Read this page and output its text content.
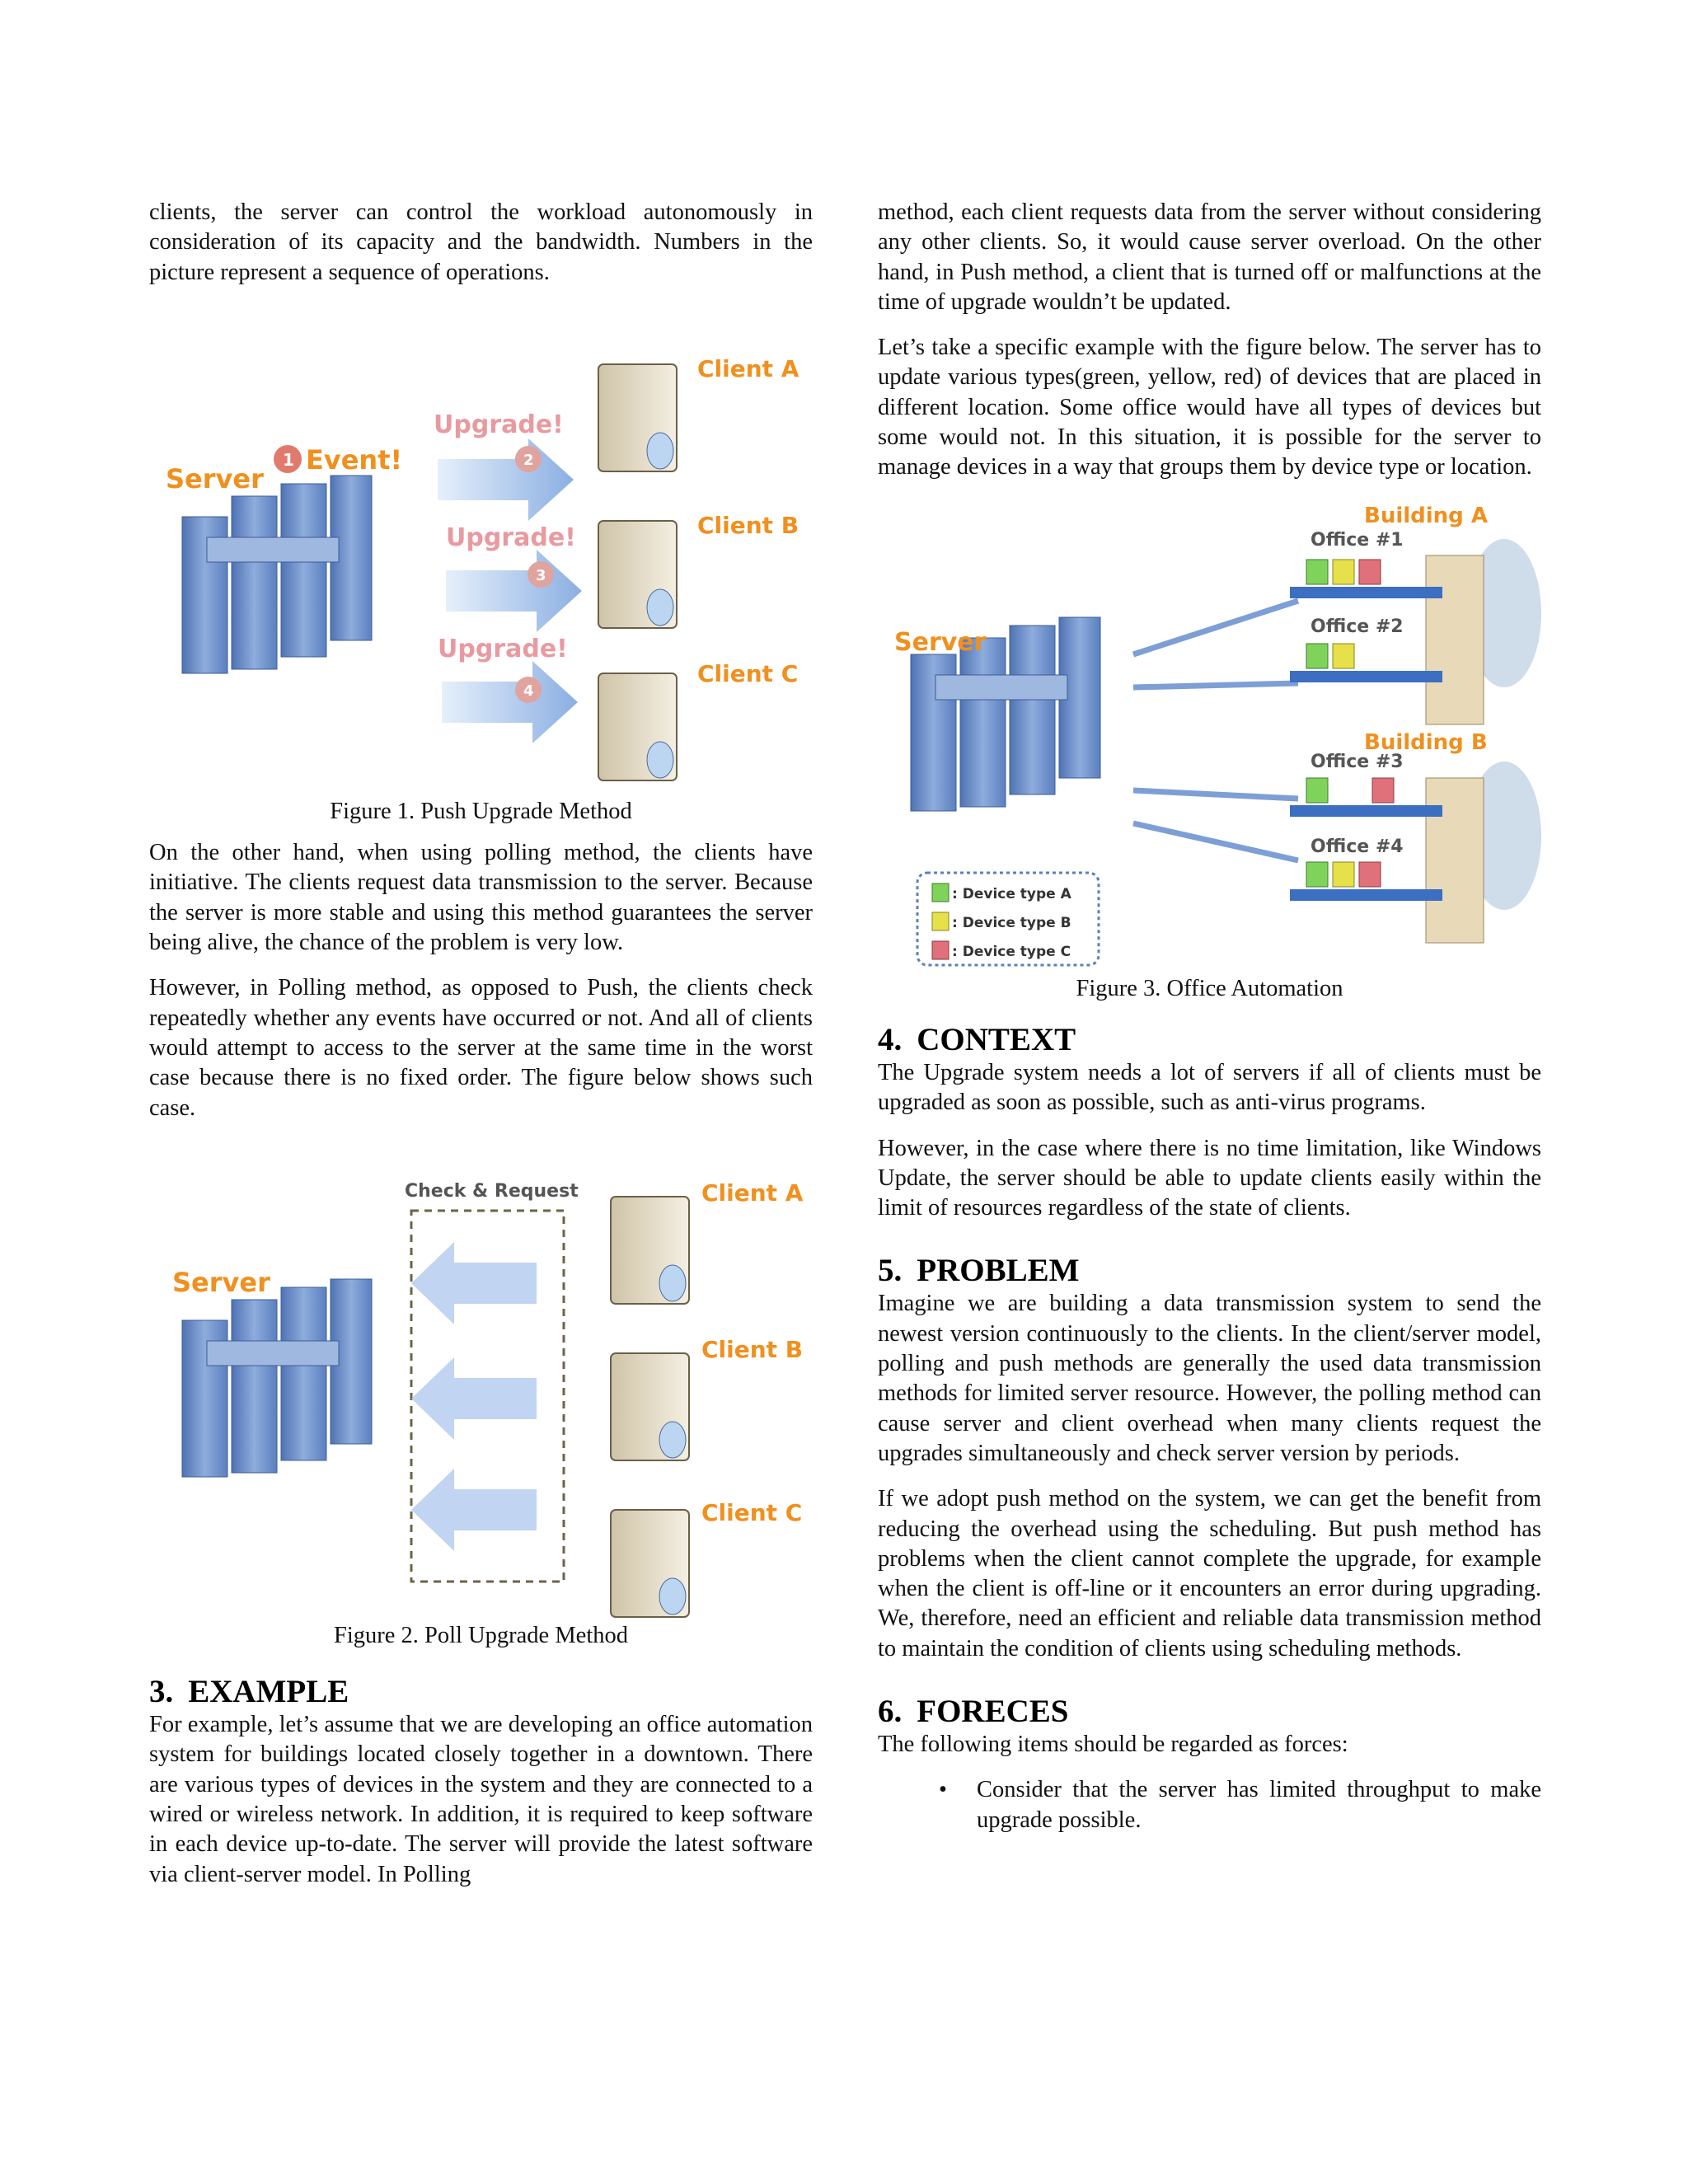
clients, the server can control the workload autonomously in consideration of its capacity and the bandwidth. Numbers in the picture represent a sequence of operations.

Server
1 Event!
Upgrade!
Upgrade!
Upgrade!
2
3
4
Client A
Client B
Client C
Figure 1. Push Upgrade Method

On the other hand, when using polling method, the clients have initiative. The clients request data transmission to the server. Because the server is more stable and using this method guarantees the server being alive, the chance of the problem is very low.

However, in Polling method, as opposed to Push, the clients check repeatedly whether any events have occurred or not. And all of clients would attempt to access to the server at the same time in the worst case because there is no fixed order. The figure below shows such case.

Server
Check & Request	Client A
Client B
Client C
Figure 2. Poll Upgrade Method
3. EXAMPLE

For example, let’s assume that we are developing an office automation system for buildings located closely together in a downtown. There are various types of devices in the system and they are connected to a wired or wireless network. In addition, it is required to keep software in each device up-to-date. The server will provide the latest software via client-server model. In Polling

method, each client requests data from the server without considering any other clients. So, it would cause server overload. On the other hand, in Push method, a client that is turned off or malfunctions at the time of upgrade wouldn’t be updated.

Let’s take a specific example with the figure below. The server has to update various types(green, yellow, red) of devices that are placed in different location. Some office would have all types of devices but some would not. In this situation, it is possible for the server to manage devices in a way that groups them by device type or location.

Server
Building A
Building B
Office #1
Office #2
Office #3
Office #4
: Device type A
: Device type B
: Device type C
Figure 3. Office Automation
4. CONTEXT

The Upgrade system needs a lot of servers if all of clients must be upgraded as soon as possible, such as anti-virus programs.

However, in the case where there is no time limitation, like Windows Update, the server should be able to update clients easily within the limit of resources regardless of the state of clients.

5. PROBLEM

Imagine we are building a data transmission system to send the newest version continuously to the clients. In the client/server model, polling and push methods are generally the used data transmission methods for limited server resource. However, the polling method can cause server and client overhead when many clients request the upgrades simultaneously and check server version by periods.

If we adopt push method on the system, we can get the benefit from reducing the overhead using the scheduling. But push method has problems when the client cannot complete the upgrade, for example when the client is off-line or it encounters an error during upgrading. We, therefore, need an efficient and reliable data transmission method to maintain the condition of clients using scheduling methods.

6. FORECES

The following items should be regarded as forces:

• Consider that the server has limited throughput to make upgrade possible.
